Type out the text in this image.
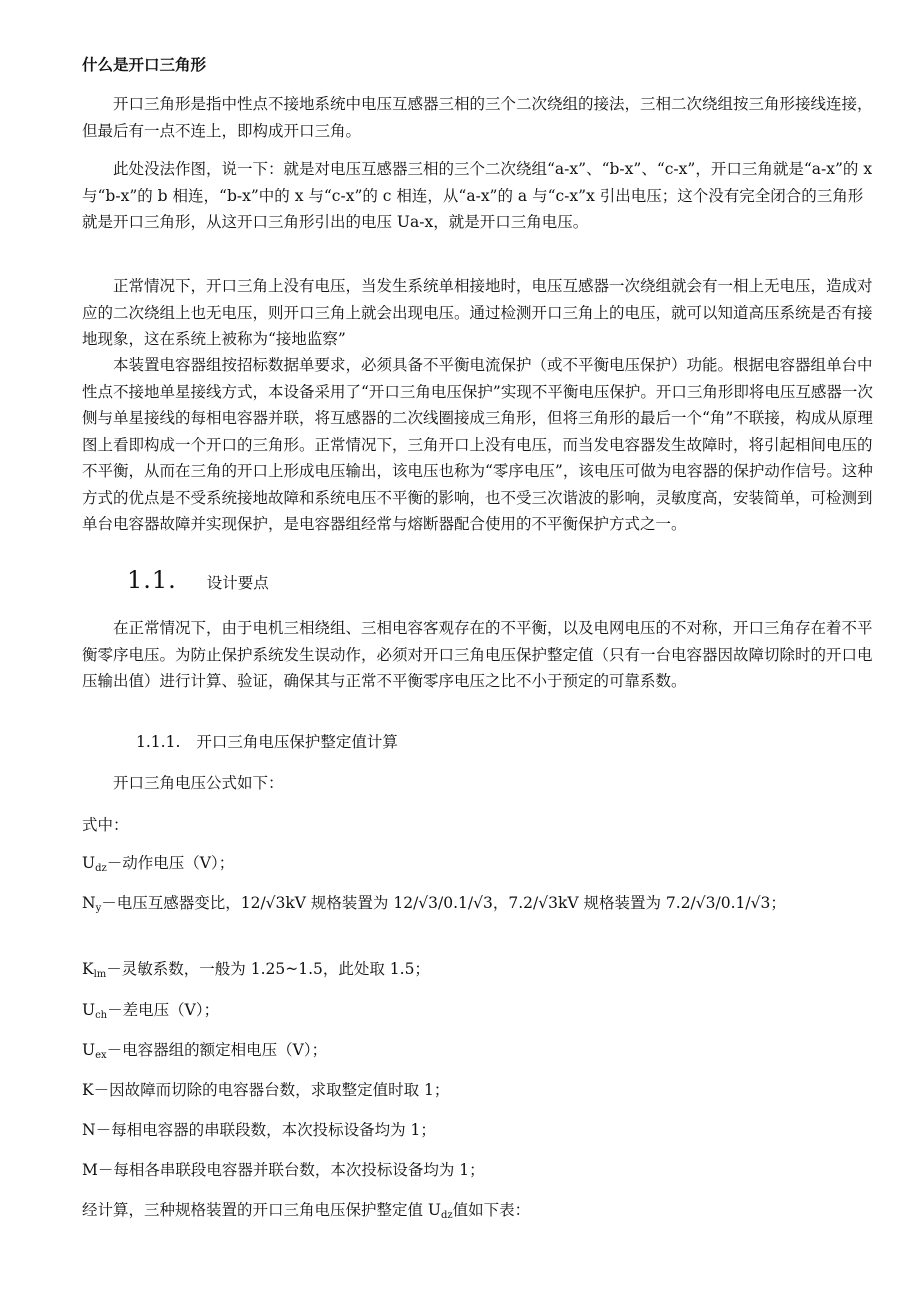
什么是开口三角形
开口三角形是指中性点不接地系统中电压互感器三相的三个二次绕组的接法，三相二次绕组按三角形接线连接，但最后有一点不连上，即构成开口三角。
此处没法作图，说一下：就是对电压互感器三相的三个二次绕组“a-x”、“b-x”、“c-x”，开口三角就是“a-x”的 x 与“b-x”的 b 相连，“b-x”中的 x 与“c-x”的 c 相连，从“a-x”的 a 与“c-x”x 引出电压；这个没有完全闭合的三角形就是开口三角形，从这开口三角形引出的电压 Ua-x，就是开口三角电压。
正常情况下，开口三角上没有电压，当发生系统单相接地时，电压互感器一次绕组就会有一相上无电压，造成对应的二次绕组上也无电压，则开口三角上就会出现电压。通过检测开口三角上的电压，就可以知道高压系统是否有接地现象，这在系统上被称为“接地监察”
本装置电容器组按招标数据单要求，必须具备不平衡电流保护（或不平衡电压保护）功能。根据电容器组单台中性点不接地单星接线方式，本设备采用了“开口三角电压保护”实现不平衡电压保护。开口三角形即将电压互感器一次侧与单星接线的每相电容器并联，将互感器的二次线圈接成三角形，但将三角形的最后一个“角”不联接，构成从原理图上看即构成一个开口的三角形。正常情况下，三角开口上没有电压，而当发电容器发生故障时，将引起相间电压的不平衡，从而在三角的开口上形成电压输出，该电压也称为“零序电压”，该电压可做为电容器的保护动作信号。这种方式的优点是不受系统接地故障和系统电压不平衡的影响，也不受三次谐波的影响，灵敏度高，安装简单，可检测到单台电容器故障并实现保护，是电容器组经常与熔断器配合使用的不平衡保护方式之一。
1.1. 设计要点
在正常情况下，由于电机三相绕组、三相电容客观存在的不平衡，以及电网电压的不对称，开口三角存在着不平衡零序电压。为防止保护系统发生误动作，必须对开口三角电压保护整定值（只有一台电容器因故障切除时的开口电压输出值）进行计算、验证，确保其与正常不平衡零序电压之比不小于预定的可靠系数。
1.1.1. 开口三角电压保护整定值计算
开口三角电压公式如下：
式中：
$U_{dz}-$动作电压（V）；
$N_y-$电压互感器变比，12/√3kV 规格装置为 12/√3/0.1/√3，7.2/√3kV 规格装置为 7.2/√3/0.1/√3；
$K_{lm}-$灵敏系数，一般为 1.25~1.5，此处取 1.5；
$U_{ch}-$差电压（V）；
$U_{ex}-$电容器组的额定相电压（V）；
K－因故障而切除的电容器台数，求取整定值时取 1；
N－每相电容器的串联段数，本次投标设备均为 1；
M－每相各串联段电容器并联台数，本次投标设备均为 1；
经计算，三种规格装置的开口三角电压保护整定值 $U_{dz}$值如下表：
